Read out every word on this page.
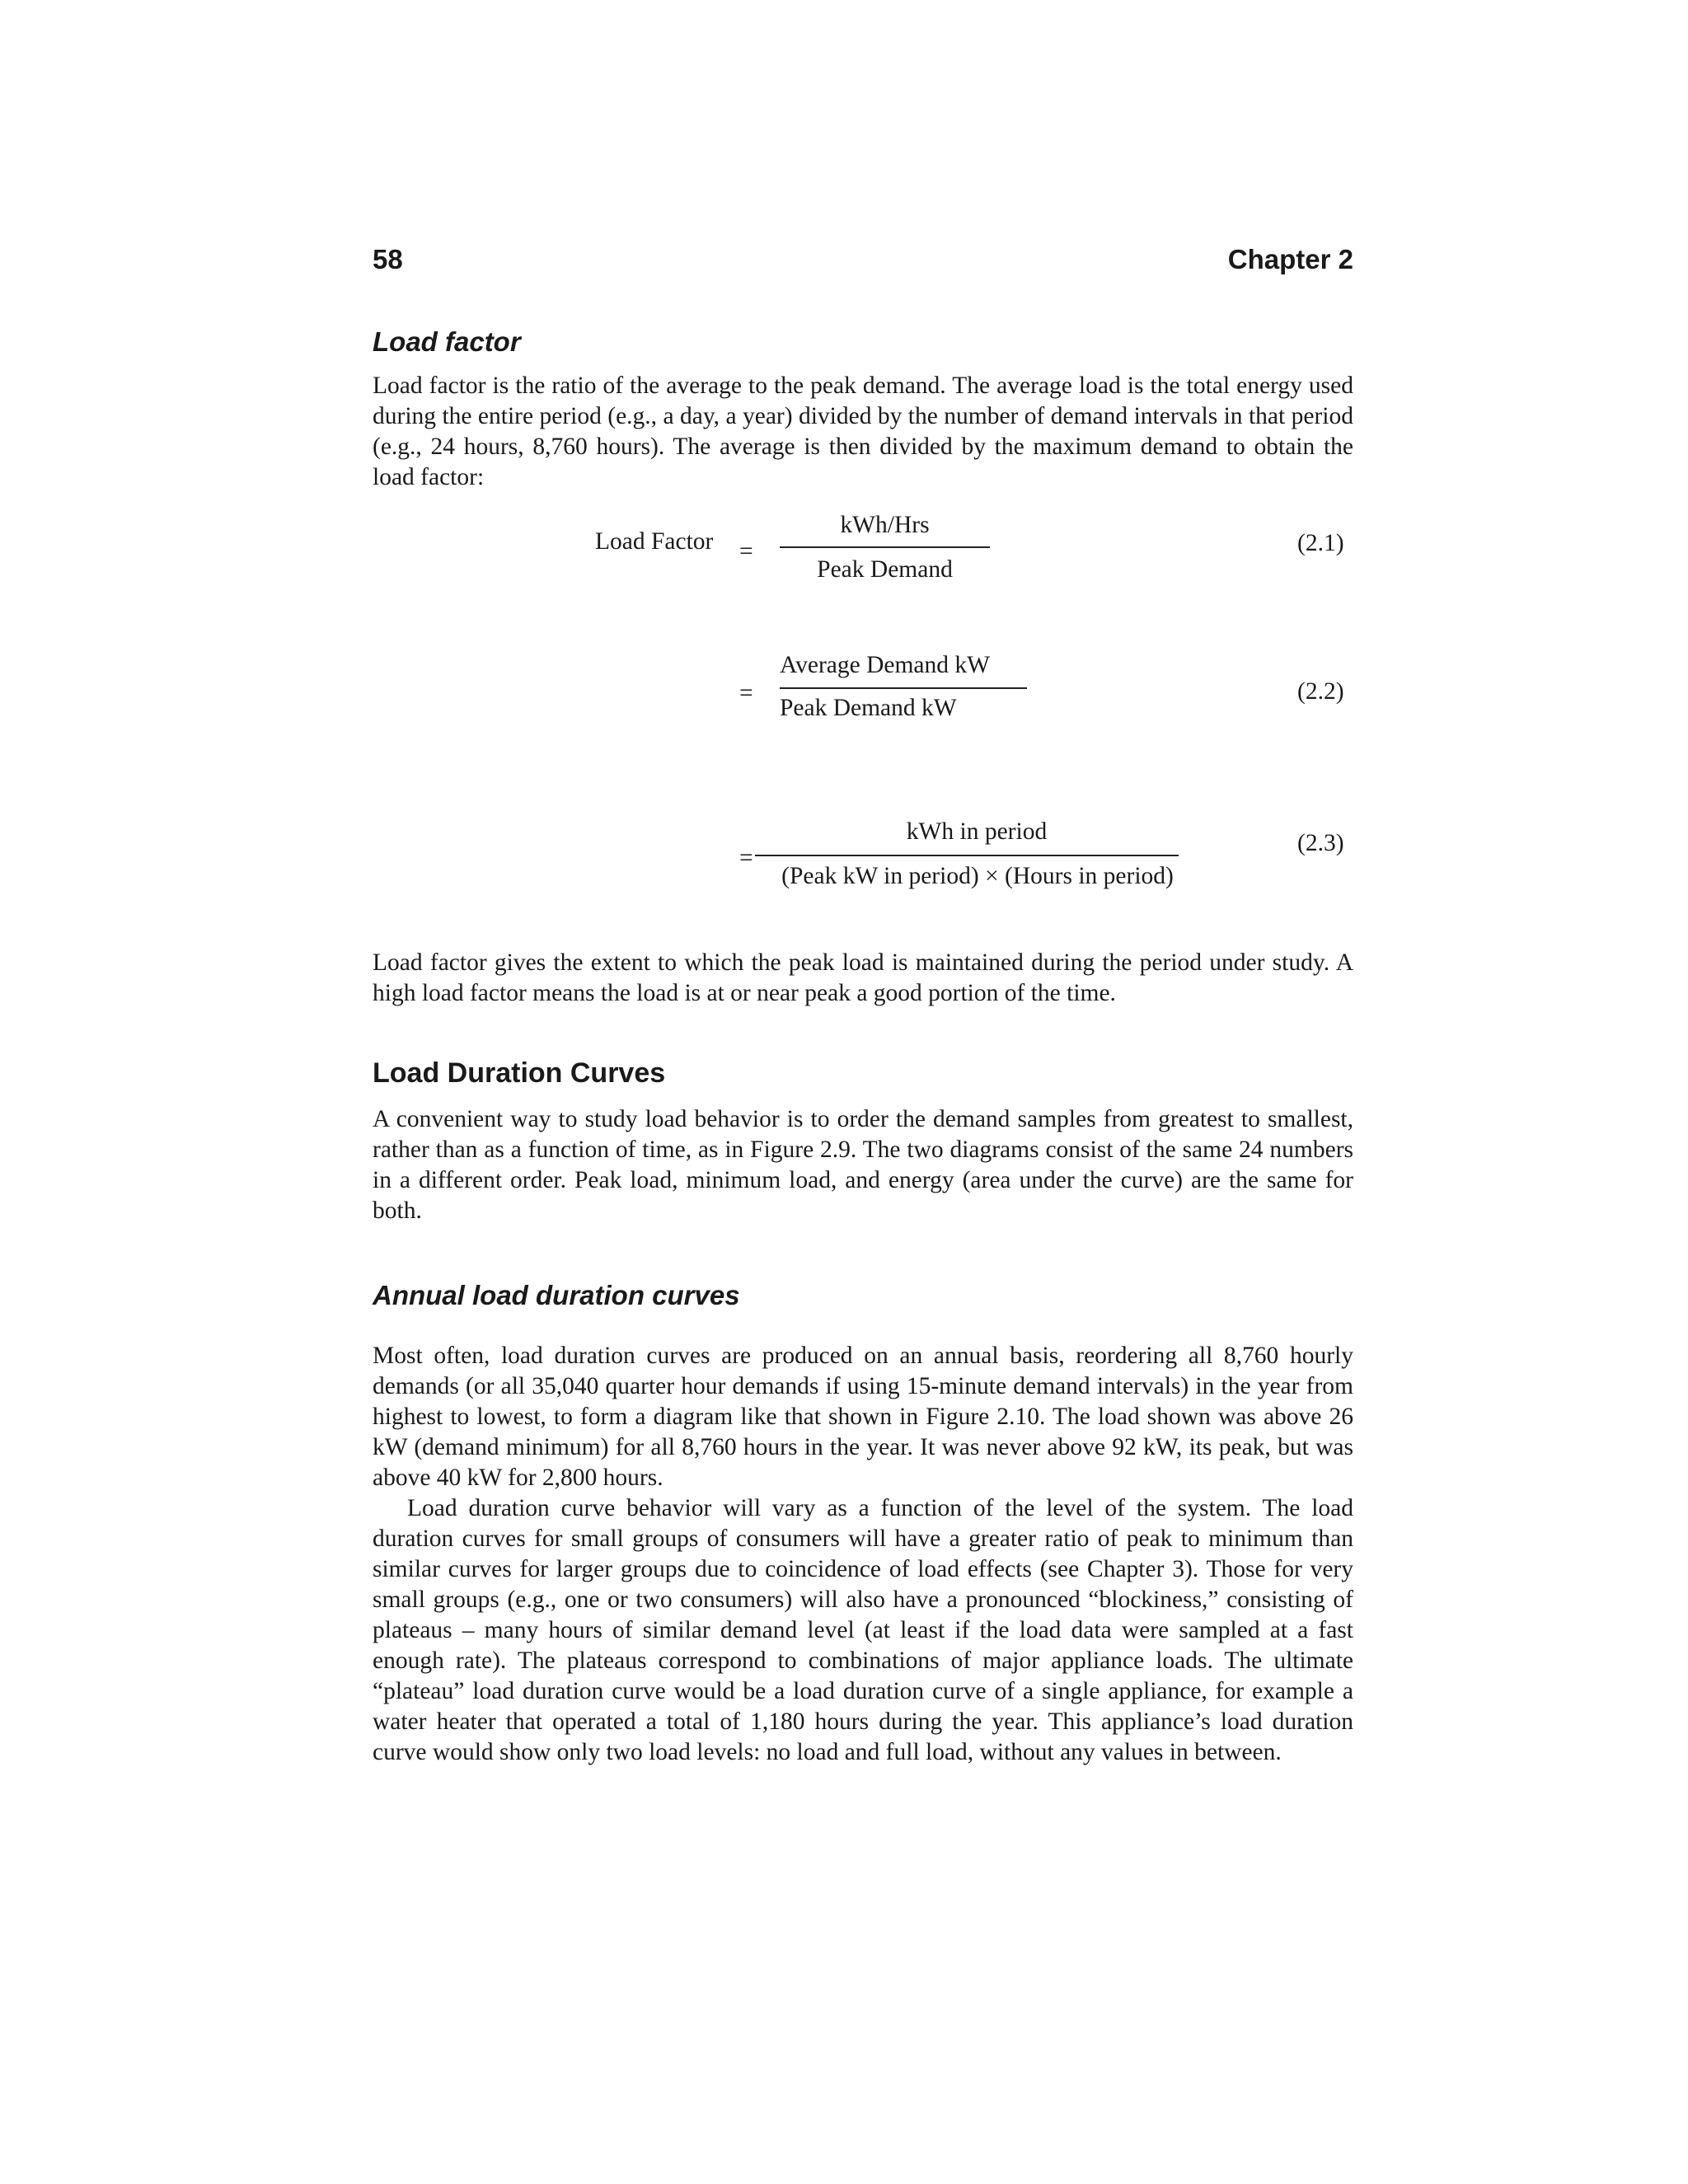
58	Chapter 2
Load factor

Load factor is the ratio of the average to the peak demand. The average load is the total energy used during the entire period (e.g., a day, a year) divided by the number of demand intervals in that period (e.g., 24 hours, 8,760 hours). The average is then divided by the maximum demand to obtain the load factor:

Load Factor =
kWh/Hrs
Peak Demand
(2.1)
=
Average Demand kW
Peak Demand kW
(2.2)
=
kWh in period
(Peak kW in period) × (Hours in period)
(2.3)

Load factor gives the extent to which the peak load is maintained during the period under study. A high load factor means the load is at or near peak a good portion of the time.

Load Duration Curves

A convenient way to study load behavior is to order the demand samples from greatest to smallest, rather than as a function of time, as in Figure 2.9. The two diagrams consist of the same 24 numbers in a different order. Peak load, minimum load, and energy (area under the curve) are the same for both.

Annual load duration curves

Most often, load duration curves are produced on an annual basis, reordering all 8,760 hourly demands (or all 35,040 quarter hour demands if using 15-minute demand intervals) in the year from highest to lowest, to form a diagram like that shown in Figure 2.10. The load shown was above 26 kW (demand minimum) for all 8,760 hours in the year. It was never above 92 kW, its peak, but was above 40 kW for 2,800 hours.

Load duration curve behavior will vary as a function of the level of the system. The load duration curves for small groups of consumers will have a greater ratio of peak to minimum than similar curves for larger groups due to coincidence of load effects (see Chapter 3). Those for very small groups (e.g., one or two consumers) will also have a pronounced “blockiness,” consisting of plateaus – many hours of similar demand level (at least if the load data were sampled at a fast enough rate). The plateaus correspond to combinations of major appliance loads. The ultimate “plateau” load duration curve would be a load duration curve of a single appliance, for example a water heater that operated a total of 1,180 hours during the year. This appliance’s load duration curve would show only two load levels: no load and full load, without any values in between.
